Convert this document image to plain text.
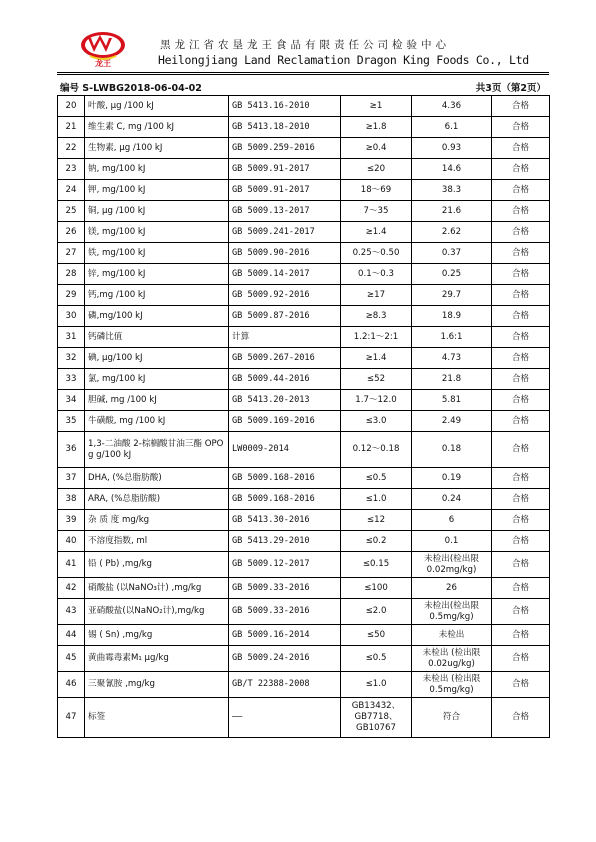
龙王
黑龙江省农垦龙王食品有限责任公司检验中心
Heilongjiang Land Reclamation Dragon King Foods Co., Ltd
编号 S-LWBG2018-06-04-02	共3页（第2页）
20	叶酸, μg /100 kJ	GB 5413.16-2010	≥1	4.36	合格
21	维生素 C, mg /100 kJ	GB 5413.18-2010	≥1.8	6.1	合格
22	生物素, μg /100 kJ	GB 5009.259-2016	≥0.4	0.93	合格
23	钠, mg/100 kJ	GB 5009.91-2017	≤20	14.6	合格
24	钾, mg/100 kJ	GB 5009.91-2017	18～69	38.3	合格
25	铜, μg /100 kJ	GB 5009.13-2017	7～35	21.6	合格
26	镁, mg/100 kJ	GB 5009.241-2017	≥1.4	2.62	合格
27	铁, mg/100 kJ	GB 5009.90-2016	0.25～0.50	0.37	合格
28	锌, mg/100 kJ	GB 5009.14-2017	0.1～0.3	0.25	合格
29	钙,mg /100 kJ	GB 5009.92-2016	≥17	29.7	合格
30	磷,mg/100 kJ	GB 5009.87-2016	≥8.3	18.9	合格
31	钙磷比值	计算	1.2:1～2:1	1.6:1	合格
32	碘, μg/100 kJ	GB 5009.267-2016	≥1.4	4.73	合格
33	氯, mg/100 kJ	GB 5009.44-2016	≤52	21.8	合格
34	胆碱, mg /100 kJ	GB 5413.20-2013	1.7～12.0	5.81	合格
35	牛磺酸, mg /100 kJ	GB 5009.169-2016	≤3.0	2.49	合格
36	1,3-二油酸 2-棕榈酸甘油三酯 OPO g g/100 kJ	LW0009-2014	0.12～0.18	0.18	合格
37	DHA, (%总脂肪酸)	GB 5009.168-2016	≤0.5	0.19	合格
38	ARA, (%总脂肪酸)	GB 5009.168-2016	≤1.0	0.24	合格
39	杂 质 度 mg/kg	GB 5413.30-2016	≤12	6	合格
40	不溶度指数, ml	GB 5413.29-2010	≤0.2	0.1	合格
41	铅 ( Pb) ,mg/kg	GB 5009.12-2017	≤0.15	未检出(检出限 0.02mg/kg)	合格
42	硝酸盐 (以NaNO₃计) ,mg/kg	GB 5009.33-2016	≤100	26	合格
43	亚硝酸盐(以NaNO₂计),mg/kg	GB 5009.33-2016	≤2.0	未检出(检出限 0.5mg/kg)	合格
44	锡 ( Sn) ,mg/kg	GB 5009.16-2014	≤50	未检出	合格
45	黄曲霉毒素M₁ μg/kg	GB 5009.24-2016	≤0.5	未检出 (检出限 0.02ug/kg)	合格
46	三聚氰胺 ,mg/kg	GB/T 22388-2008	≤1.0	未检出 (检出限 0.5mg/kg)	合格
47	标签	——	GB13432、GB7718、GB10767	符合	合格
